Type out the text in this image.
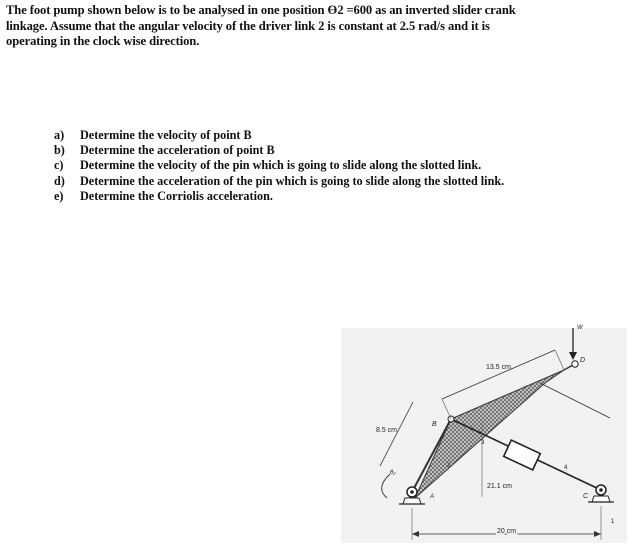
The foot pump shown below is to be analysed in one position Ө2 =600 as an inverted slider crank
linkage. Assume that the angular velocity of the driver link 2 is constant at 2.5 rad/s and it is
operating in the clock wise direction.
a) Determine the velocity of point B
b) Determine the acceleration of point B
c) Determine the velocity of the pin which is going to slide along the slotted link.
d) Determine the acceleration of the pin which is going to slide along the slotted link.
e) Determine the Corriolis acceleration.
13.5 cm
8.5 cm
21.1 cm
20 cm
B
C
D
W
2
3
4
1
θ₂
A
